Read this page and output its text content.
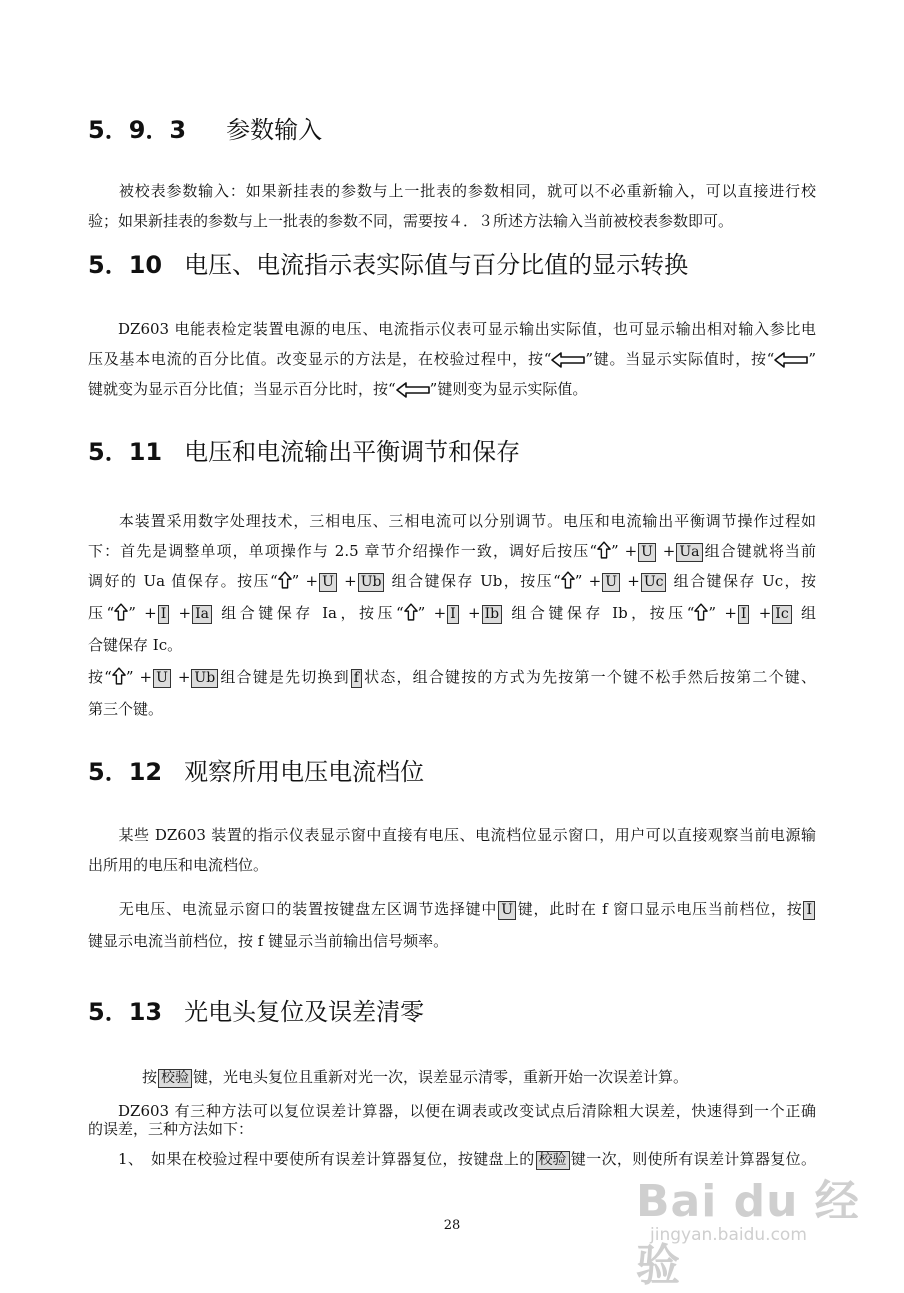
5．9．3 参数输入

被校表参数输入：如果新挂表的参数与上一批表的参数相同，就可以不必重新输入，可以直接进行校

验；如果新挂表的参数与上一批表的参数不同，需要按４．３所述方法输入当前被校表参数即可。

5．10 电压、电流指示表实际值与百分比值的显示转换

DZ603 电能表检定装置电源的电压、电流指示仪表可显示输出实际值，也可显示输出相对输入参比电

压及基本电流的百分比值。改变显示的方法是，在校验过程中，按“ ”键。当显示实际值时，按“ ”

键就变为显示百分比值；当显示百分比时，按“ ”键则变为显示实际值。

5．11 电压和电流输出平衡调节和保存

本装置采用数字处理技术，三相电压、三相电流可以分别调节。电压和电流输出平衡调节操作过程如

下：首先是调整单项，单项操作与 2.5 章节介绍操作一致，调好后按压“ ” + U + Ua 组合键就将当前

调好的 Ua 值保存。按压“ ” + U + Ub 组合键保存 Ub，按压“ ” + U + Uc 组合键保存 Uc，按

压“ ” + I + Ia 组合键保存 Ia，按压“ ” + I + Ib 组合键保存 Ib，按压“ ” + I + Ic 组

合键保存 Ic。

按“ ” + U + Ub 组合键是先切换到 f 状态，组合键按的方式为先按第一个键不松手然后按第二个键、

第三个键。

5．12 观察所用电压电流档位

某些 DZ603 装置的指示仪表显示窗中直接有电压、电流档位显示窗口，用户可以直接观察当前电源输

出所用的电压和电流档位。

无电压、电流显示窗口的装置按键盘左区调节选择键中 U 键，此时在 f 窗口显示电压当前档位，按 I

键显示电流当前档位，按 f 键显示当前输出信号频率。

5．13 光电头复位及误差清零

按 校验 键，光电头复位且重新对光一次，误差显示清零，重新开始一次误差计算。

DZ603 有三种方法可以复位误差计算器，以便在调表或改变试点后清除粗大误差，快速得到一个正确

的误差，三种方法如下：

1、　如果在校验过程中要使所有误差计算器复位，按键盘上的 校验 键一次，则使所有误差计算器复位。

28	Bai du 经验
jingyan.baidu.com
